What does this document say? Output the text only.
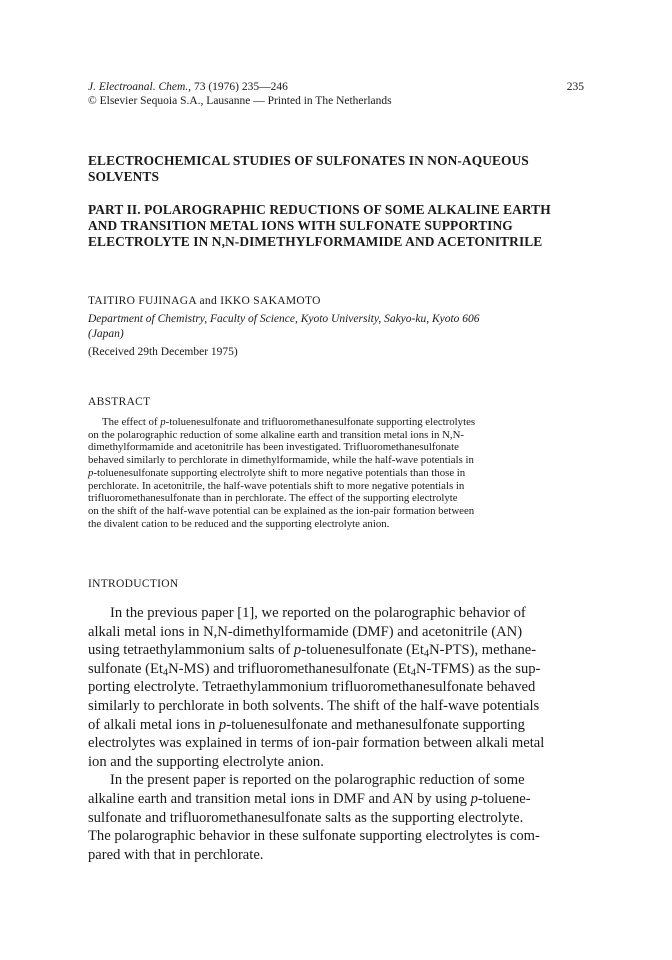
J. Electroanal. Chem., 73 (1976) 235—246	235
© Elsevier Sequoia S.A., Lausanne — Printed in The Netherlands

ELECTROCHEMICAL STUDIES OF SULFONATES IN NON-AQUEOUS

SOLVENTS

PART II. POLAROGRAPHIC REDUCTIONS OF SOME ALKALINE EARTH

AND TRANSITION METAL IONS WITH SULFONATE SUPPORTING

ELECTROLYTE IN N,N-DIMETHYLFORMAMIDE AND ACETONITRILE

TAITIRO FUJINAGA and IKKO SAKAMOTO
Department of Chemistry, Faculty of Science, Kyoto University, Sakyo-ku, Kyoto 606
(Japan)
(Received 29th December 1975)
ABSTRACT
The effect of p-toluenesulfonate and trifluoromethanesulfonate supporting electrolytes
on the polarographic reduction of some alkaline earth and transition metal ions in N,N-
dimethylformamide and acetonitrile has been investigated. Trifluoromethanesulfonate
behaved similarly to perchlorate in dimethylformamide, while the half-wave potentials in
p-toluenesulfonate supporting electrolyte shift to more negative potentials than those in
perchlorate. In acetonitrile, the half-wave potentials shift to more negative potentials in
trifluoromethanesulfonate than in perchlorate. The effect of the supporting electrolyte
on the shift of the half-wave potential can be explained as the ion-pair formation between
the divalent cation to be reduced and the supporting electrolyte anion.
INTRODUCTION
In the previous paper [1], we reported on the polarographic behavior of
alkali metal ions in N,N-dimethylformamide (DMF) and acetonitrile (AN)
using tetraethylammonium salts of p-toluenesulfonate $(Et_4N-PTS)$, methane-
sulfonate $(Et_4N-MS)$ and trifluoromethanesulfonate $(Et_4N-TFMS)$ as the sup-
porting electrolyte. Tetraethylammonium trifluoromethanesulfonate behaved
similarly to perchlorate in both solvents. The shift of the half-wave potentials
of alkali metal ions in p-toluenesulfonate and methanesulfonate supporting
electrolytes was explained in terms of ion-pair formation between alkali metal
ion and the supporting electrolyte anion.
In the present paper is reported on the polarographic reduction of some
alkaline earth and transition metal ions in DMF and AN by using p-toluene-
sulfonate and trifluoromethanesulfonate salts as the supporting electrolyte.
The polarographic behavior in these sulfonate supporting electrolytes is com-
pared with that in perchlorate.
